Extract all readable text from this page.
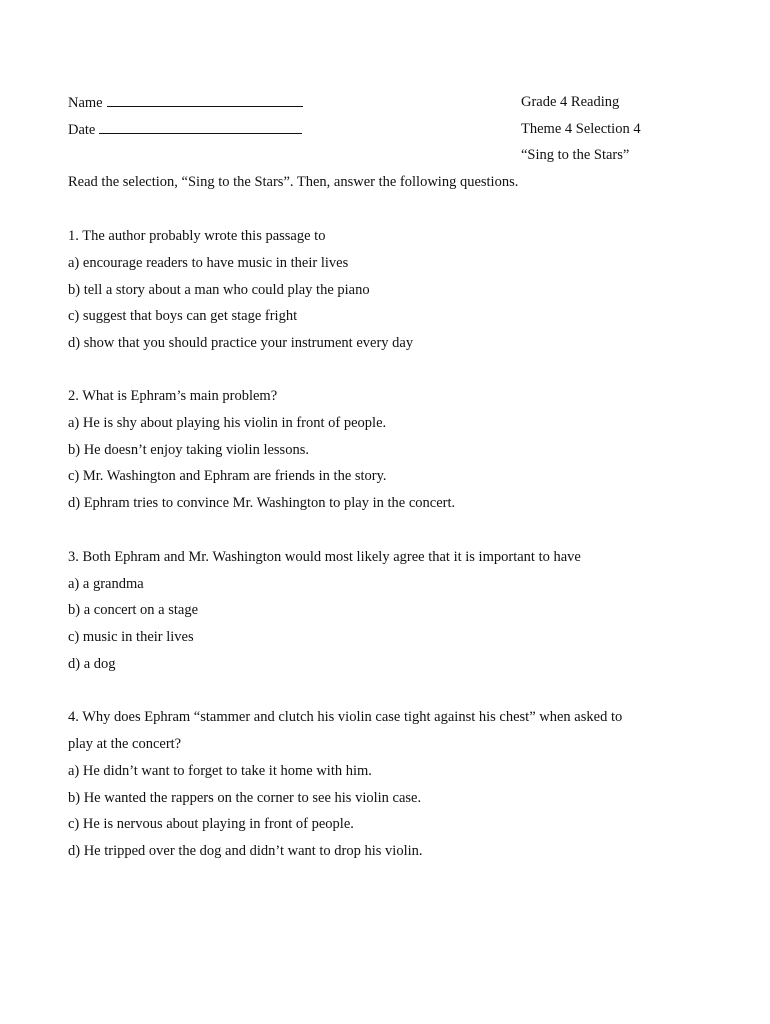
Name
Date
Grade 4 Reading
Theme 4 Selection 4
“Sing to the Stars”
Read the selection, “Sing to the Stars”. Then, answer the following questions.
1. The author probably wrote this passage to
a) encourage readers to have music in their lives
b) tell a story about a man who could play the piano
c) suggest that boys can get stage fright
d) show that you should practice your instrument every day
2. What is Ephram’s main problem?
a) He is shy about playing his violin in front of people.
b) He doesn’t enjoy taking violin lessons.
c) Mr. Washington and Ephram are friends in the story.
d) Ephram tries to convince Mr. Washington to play in the concert.
3. Both Ephram and Mr. Washington would most likely agree that it is important to have
a) a grandma
b) a concert on a stage
c) music in their lives
d) a dog
4. Why does Ephram “stammer and clutch his violin case tight against his chest” when asked to
play at the concert?
a) He didn’t want to forget to take it home with him.
b) He wanted the rappers on the corner to see his violin case.
c) He is nervous about playing in front of people.
d) He tripped over the dog and didn’t want to drop his violin.
